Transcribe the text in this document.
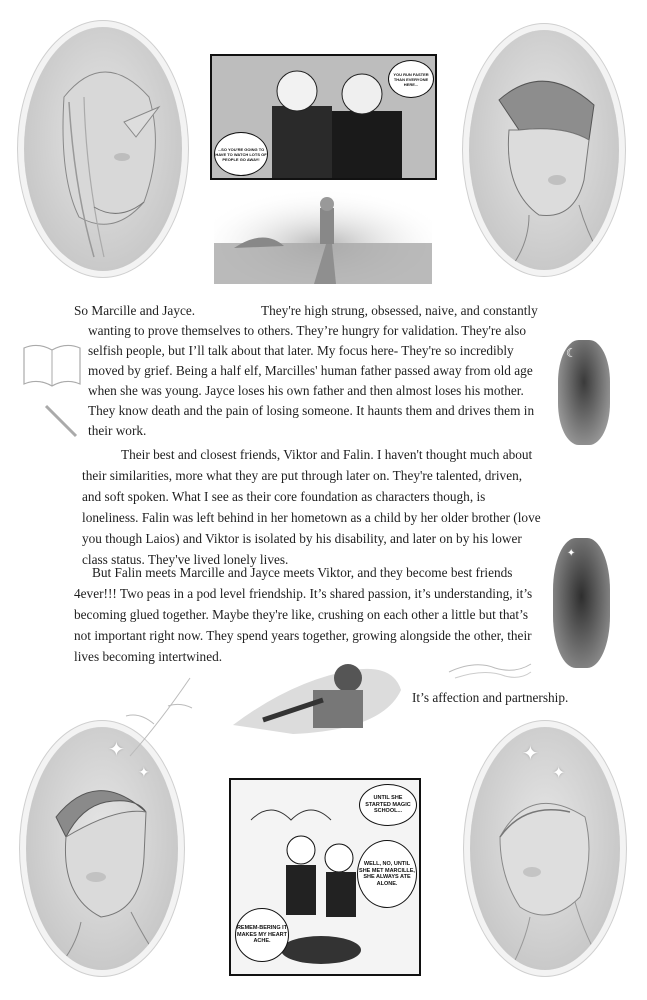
✦
✦
✦
✦
YOU RUN FASTER THAN EVERYONE HERE...
...SO YOU'RE GOING TO HAVE TO WATCH LOTS OF PEOPLE GO AWAY!
☾
✦
So Marcille and Jayce.	They're high strung, obsessed, naive, and constantly
wanting to prove themselves to others. They’re hungry for validation. They're also
selfish people, but I’ll talk about that later. My focus here- They're so incredibly
moved by grief. Being a half elf, Marcilles' human father passed away from old age
when she was young. Jayce loses his own father and then almost loses his mother.
They know death and the pain of losing someone. It haunts them and drives them in
their work.
Their best and closest friends, Viktor and Falin. I haven't thought much about
their similarities, more what they are put through later on. They're talented, driven,
and soft spoken. What I see as their core foundation as characters though, is
loneliness. Falin was left behind in her hometown as a child by her older brother (love
you though Laios) and Viktor is isolated by his disability, and later on by his lower
class status. They've lived lonely lives.
But Falin meets Marcille and Jayce meets Viktor, and they become best friends
4ever!!! Two peas in a pod level friendship. It’s shared passion, it’s understanding, it’s
becoming glued together. Maybe they're like, crushing on each other a little but that’s
not important right now. They spend years together, growing alongside the other, their
lives becoming intertwined.
It’s affection and partnership.
UNTIL SHE STARTED MAGIC SCHOOL...
WELL, NO, UNTIL SHE MET MARCILLE, SHE ALWAYS ATE ALONE.
REMEM-BERING IT MAKES MY HEART ACHE.
